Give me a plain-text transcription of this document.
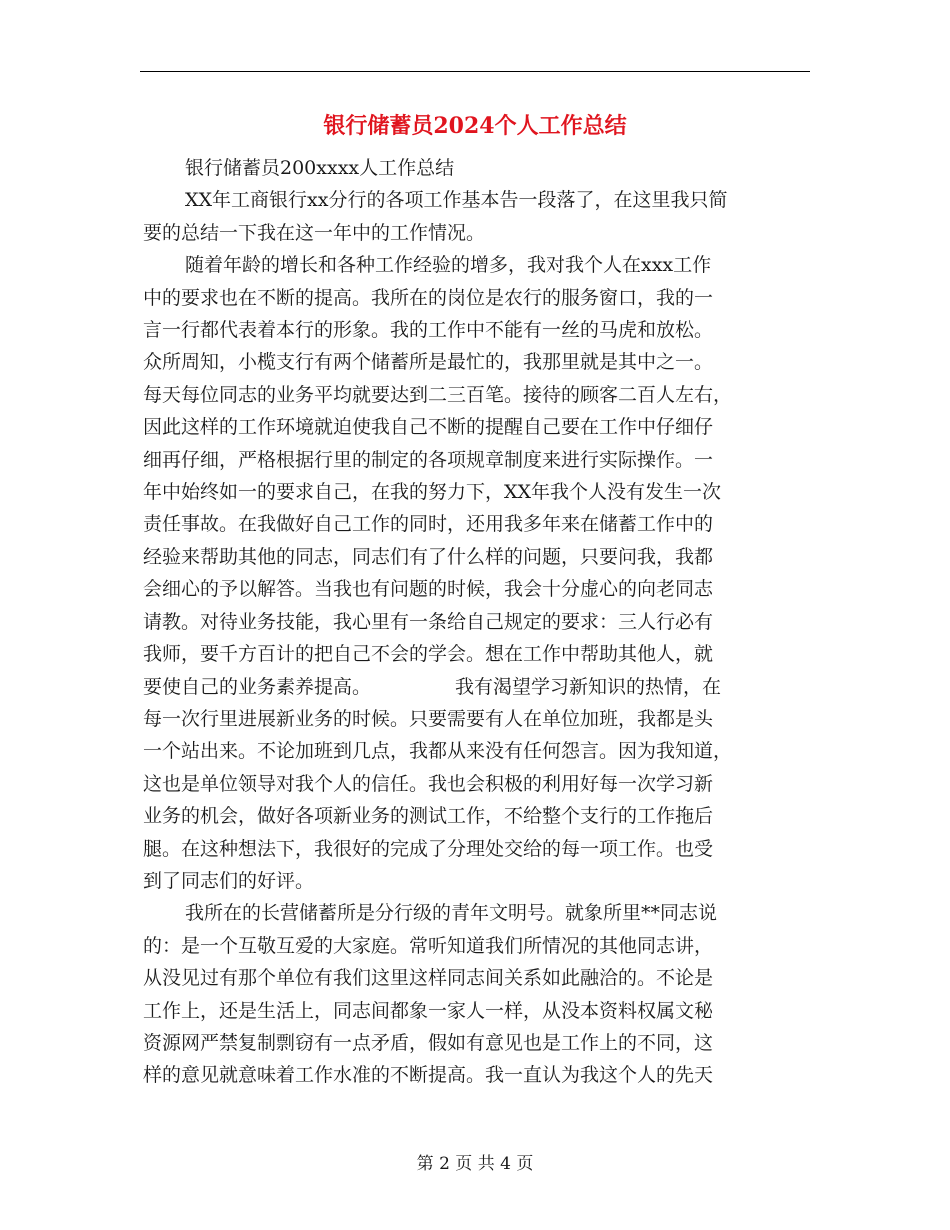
银行储蓄员2024个人工作总结

银行储蓄员200xxxx人工作总结

XX年工商银行xx分行的各项工作基本告一段落了，在这里我只简
要的总结一下我在这一年中的工作情况。

随着年龄的增长和各种工作经验的增多，我对我个人在xxx工作
中的要求也在不断的提高。我所在的岗位是农行的服务窗口，我的一
言一行都代表着本行的形象。我的工作中不能有一丝的马虎和放松。
众所周知，小榄支行有两个储蓄所是最忙的，我那里就是其中之一。
每天每位同志的业务平均就要达到二三百笔。接待的顾客二百人左右，
因此这样的工作环境就迫使我自己不断的提醒自己要在工作中仔细仔
细再仔细，严格根据行里的制定的各项规章制度来进行实际操作。一
年中始终如一的要求自己，在我的努力下，XX年我个人没有发生一次
责任事故。在我做好自己工作的同时，还用我多年来在储蓄工作中的
经验来帮助其他的同志，同志们有了什么样的问题，只要问我，我都
会细心的予以解答。当我也有问题的时候，我会十分虚心的向老同志
请教。对待业务技能，我心里有一条给自己规定的要求：三人行必有
我师，要千方百计的把自己不会的学会。想在工作中帮助其他人，就
要使自己的业务素养提高。	我有渴望学习新知识的热情，在
每一次行里进展新业务的时候。只要需要有人在单位加班，我都是头
一个站出来。不论加班到几点，我都从来没有任何怨言。因为我知道，
这也是单位领导对我个人的信任。我也会积极的利用好每一次学习新
业务的机会，做好各项新业务的测试工作，不给整个支行的工作拖后
腿。在这种想法下，我很好的完成了分理处交给的每一项工作。也受
到了同志们的好评。

我所在的长营储蓄所是分行级的青年文明号。就象所里**同志说
的：是一个互敬互爱的大家庭。常听知道我们所情况的其他同志讲，
从没见过有那个单位有我们这里这样同志间关系如此融洽的。不论是
工作上，还是生活上，同志间都象一家人一样，从没本资料权属文秘
资源网严禁复制剽窃有一点矛盾，假如有意见也是工作上的不同，这
样的意见就意味着工作水准的不断提高。我一直认为我这个人的先天

第 2 页 共 4 页
